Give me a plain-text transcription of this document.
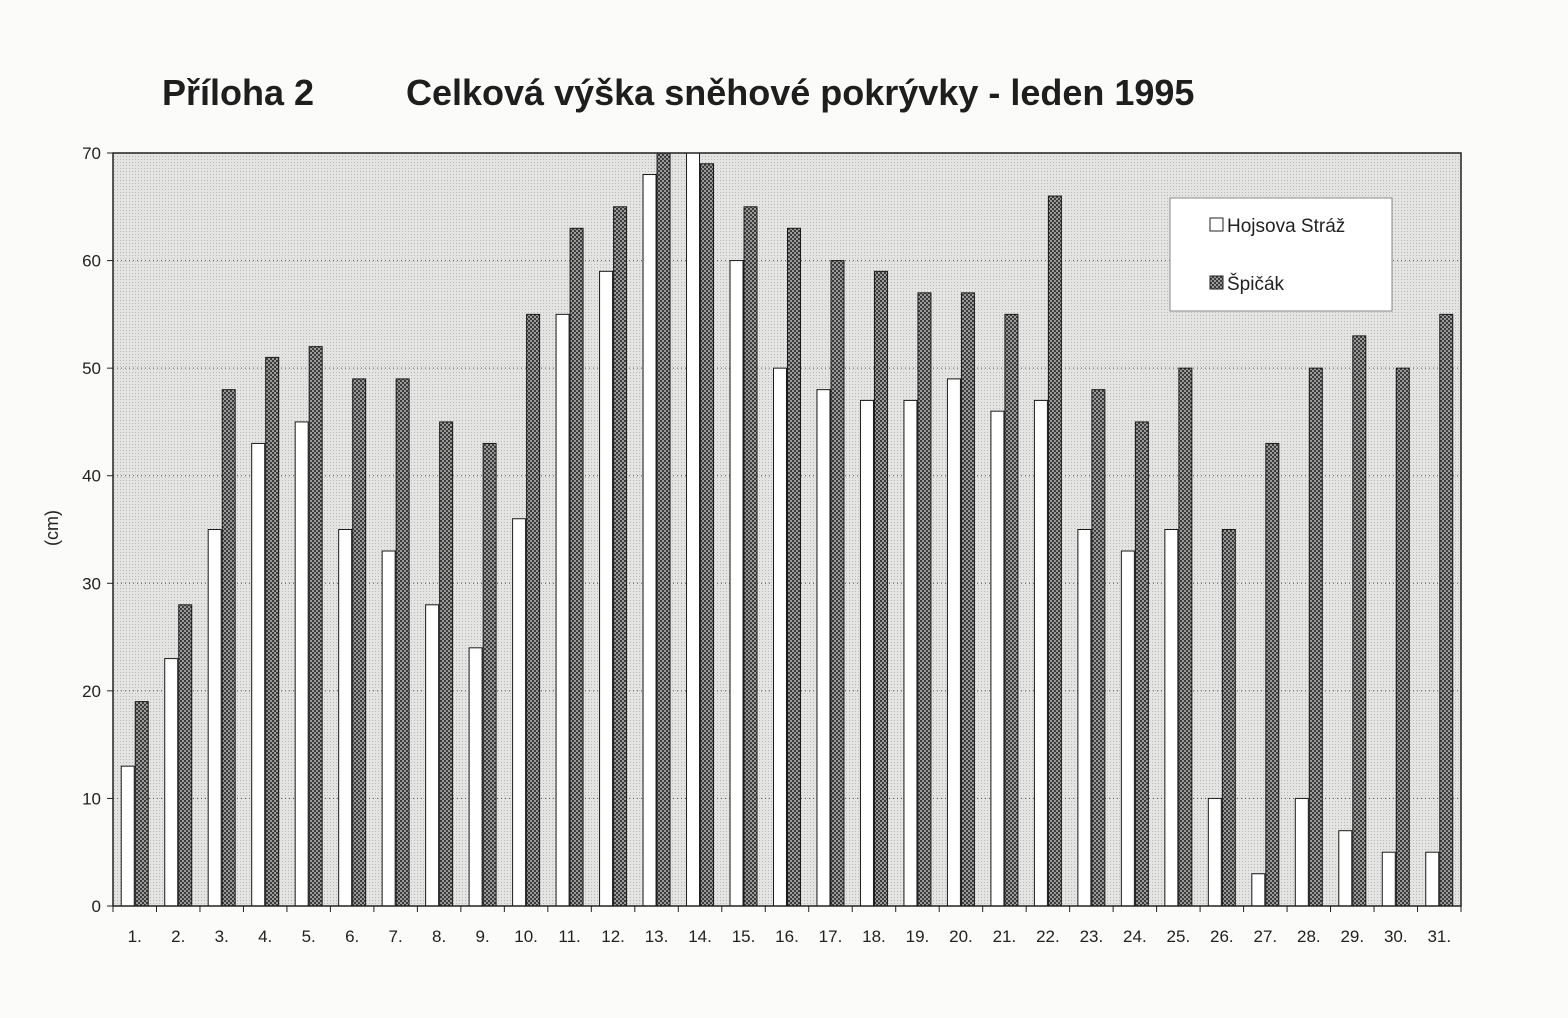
Příloha 2	Celková výška sněhové pokrývky - leden 1995
0
10
20
30
40
50
60
70
1. 2. 3. 4. 5. 6. 7. 8. 9. 10. 11. 12. 13. 14. 15. 16. 17. 18. 19. 20. 21. 22. 23. 24. 25. 26. 27. 28. 29. 30. 31.
(cm)
Hojsova Stráž
Špičák
